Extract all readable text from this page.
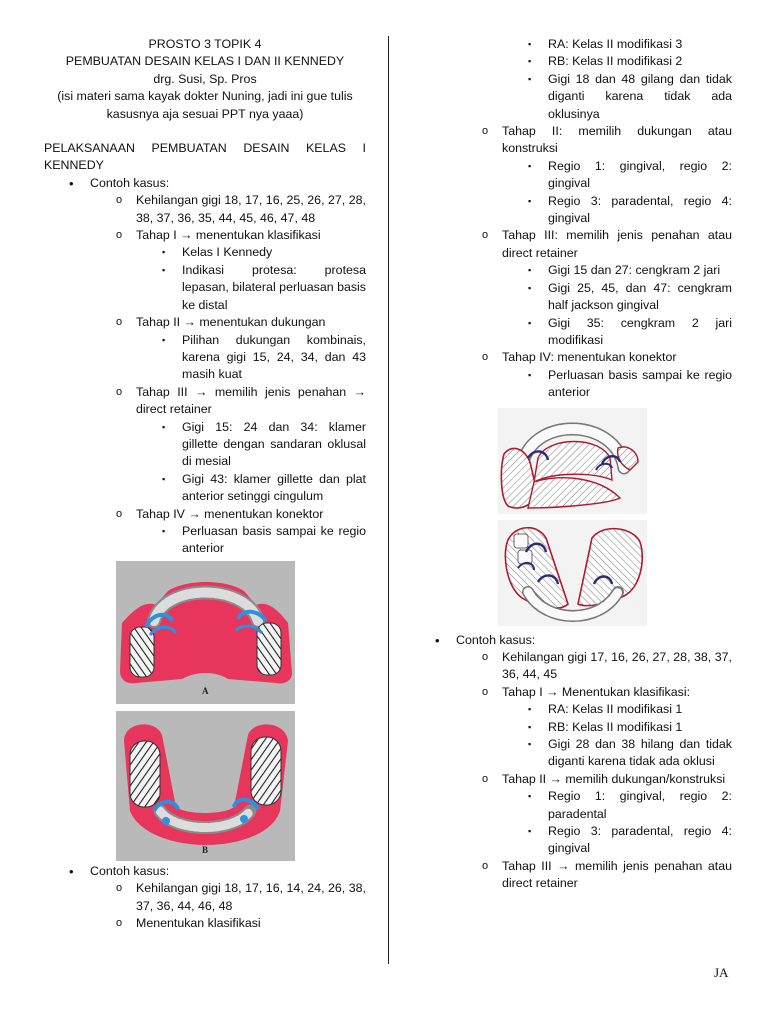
PROSTO 3 TOPIK 4
PEMBUATAN DESAIN KELAS I DAN II KENNEDY
drg. Susi, Sp. Pros
(isi materi sama kayak dokter Nuning, jadi ini gue tulis kasusnya aja sesuai PPT nya yaaa)
PELAKSANAAN PEMBUATAN DESAIN KELAS I KENNEDY
• Contoh kasus:
o Kehilangan gigi 18, 17, 16, 25, 26, 27, 28, 38, 37, 36, 35, 44, 45, 46, 47, 48
o Tahap I → menentukan klasifikasi
▪ Kelas I Kennedy
▪ Indikasi protesa: protesa lepasan, bilateral perluasan basis ke distal
o Tahap II → menentukan dukungan
▪ Pilihan dukungan kombinais, karena gigi 15, 24, 34, dan 43 masih kuat
o Tahap III → memilih jenis penahan → direct retainer
▪ Gigi 15: 24 dan 34: klamer gillette dengan sandaran oklusal di mesial
▪ Gigi 43: klamer gillette dan plat anterior setinggi cingulum
o Tahap IV → menentukan konektor
▪ Perluasan basis sampai ke regio anterior
A
B
• Contoh kasus:
o Kehilangan gigi 18, 17, 16, 14, 24, 26, 38, 37, 36, 44, 46, 48
o Menentukan klasifikasi
▪ RA: Kelas II modifikasi 3
▪ RB: Kelas II modifikasi 2
▪ Gigi 18 dan 48 gilang dan tidak diganti karena tidak ada oklusinya
o Tahap II: memilih dukungan atau konstruksi
▪ Regio 1: gingival, regio 2: gingival
▪ Regio 3: paradental, regio 4: gingival
o Tahap III: memilih jenis penahan atau direct retainer
▪ Gigi 15 dan 27: cengkram 2 jari
▪ Gigi 25, 45, dan 47: cengkram half jackson gingival
▪ Gigi 35: cengkram 2 jari modifikasi
o Tahap IV: menentukan konektor
▪ Perluasan basis sampai ke regio anterior
• Contoh kasus:
o Kehilangan gigi 17, 16, 26, 27, 28, 38, 37, 36, 44, 45
o Tahap I → Menentukan klasifikasi:
▪ RA: Kelas II modifikasi 1
▪ RB: Kelas II modifikasi 1
▪ Gigi 28 dan 38 hilang dan tidak diganti karena tidak ada oklusi
o Tahap II → memilih dukungan/konstruksi
▪ Regio 1: gingival, regio 2: paradental
▪ Regio 3: paradental, regio 4: gingival
o Tahap III → memilih jenis penahan atau direct retainer
JA
